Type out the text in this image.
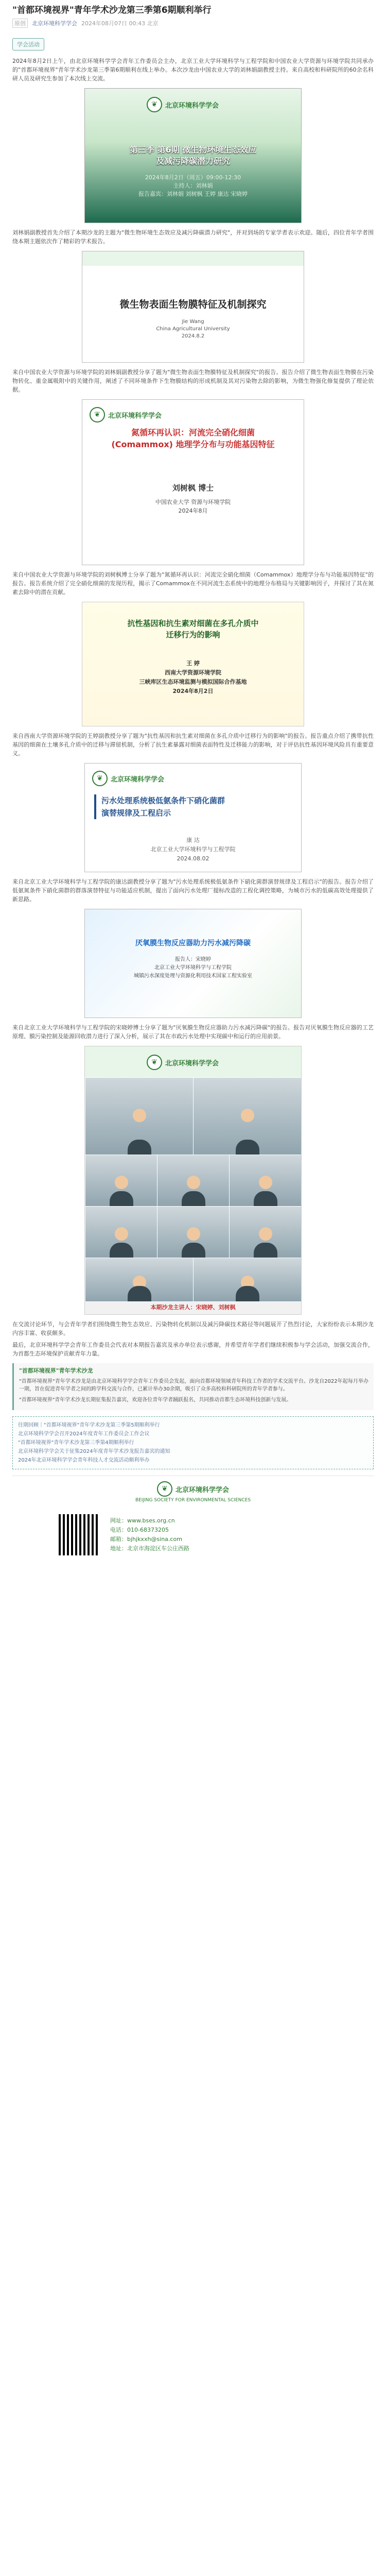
"首都环境视界"青年学术沙龙第三季第6期顺利举行
原创	北京环境科学学会 2024年08月07日 00:43 北京
学会活动

2024年8月2日上午，由北京环境科学学会青年工作委员会主办，北京工业大学环境科学与工程学院和中国农业大学资源与环境学院共同承办的"首都环境视界"青年学术沙龙第三季第6期顺利在线上举办。本次沙龙由中国农业大学的刘林娟副教授主持。来自高校和科研院所的60余名科研人员及研究生参加了本次线上交流。

❦	北京环境科学学会
第三季 第6期 微生物环境生态效应
及减污降碳潜力研究
2024年8月2日（周五）09:00-12:30
主持人：刘林娟
报告嘉宾：刘林娟 刘树枫 王婷 康达 宋晓婷

刘林娟副教授首先介绍了本期沙龙的主题为"微生物环境生态效应及减污降碳潜力研究"，并对到场的专家学者表示欢迎。随后，四位青年学者围绕本期主题依次作了精彩的学术报告。

微生物表面生物膜特征及机制探究
Jie Wang
China Agricultural University
2024.8.2

来自中国农业大学资源与环境学院的刘林娟副教授分享了题为"微生物表面生物膜特征及机制探究"的报告。报告介绍了微生物表面生物膜在污染物转化、重金属吸附中的关键作用，阐述了不同环境条件下生物膜结构的形成机制及其对污染物去除的影响，为微生物强化修复提供了理论依据。

❦	北京环境科学学会
氮循环再认识：河流完全硝化细菌
(Comammox) 地理学分布与功能基因特征
刘树枫 博士
中国农业大学 资源与环境学院
2024年8月

来自中国农业大学资源与环境学院的刘树枫博士分享了题为"氮循环再认识：河流完全硝化细菌（Comammox）地理学分布与功能基因特征"的报告。报告系统介绍了完全硝化细菌的发现历程，揭示了Comammox在不同河流生态系统中的地理分布格局与关键影响因子，并探讨了其在氮素去除中的潜在贡献。

抗性基因和抗生素对细菌在多孔介质中
迁移行为的影响
王 婷
西南大学资源环境学院
三峡库区生态环境监测与模拟国际合作基地
2024年8月2日

来自西南大学资源环境学院的王婷副教授分享了题为"抗性基因和抗生素对细菌在多孔介质中迁移行为的影响"的报告。报告重点介绍了携带抗性基因的细菌在土壤多孔介质中的迁移与滞留机制，分析了抗生素暴露对细菌表面特性及迁移能力的影响，对于评估抗性基因环境风险具有重要意义。

❦	北京环境科学学会
污水处理系统极低氨条件下硝化菌群
演替规律及工程启示
康 达
北京工业大学环境科学与工程学院
2024.08.02

来自北京工业大学环境科学与工程学院的康达副教授分享了题为"污水处理系统极低氨条件下硝化菌群演替规律及工程启示"的报告。报告介绍了低氨氮条件下硝化菌群的群落演替特征与功能适应机制，提出了面向污水处理厂提标改造的工程化调控策略，为城市污水的低碳高效处理提供了新思路。

厌氧膜生物反应器助力污水减污降碳
报告人：宋晓婷
北京工业大学环境科学与工程学院
城镇污水深度处理与资源化利用技术国家工程实验室

来自北京工业大学环境科学与工程学院的宋晓婷博士分享了题为"厌氧膜生物反应器助力污水减污降碳"的报告。报告对厌氧膜生物反应器的工艺原理、膜污染控制及能源回收潜力进行了深入分析，展示了其在市政污水处理中实现碳中和运行的应用前景。

❦	北京环境科学学会
本期沙龙主讲人：宋晓婷、刘树枫

在交流讨论环节，与会青年学者们围绕微生物生态效应、污染物转化机制以及减污降碳技术路径等问题展开了热烈讨论，大家纷纷表示本期沙龙内容丰富、收获颇多。

最后，北京环境科学学会青年工作委员会代表对本期报告嘉宾及承办单位表示感谢，并希望青年学者们继续积极参与学会活动，加强交流合作，为首都生态环境保护贡献青年力量。

"首都环境视界"青年学术沙龙

"首都环境视界"青年学术沙龙是由北京环境科学学会青年工作委员会发起，面向首都环境领域青年科技工作者的学术交流平台。沙龙自2022年起每月举办一期，旨在促进青年学者之间的跨学科交流与合作，已累计举办30余期，吸引了众多高校和科研院所的青年学者参与。

"首都环境视界"青年学术沙龙长期征集报告嘉宾，欢迎各位青年学者踊跃报名，共同推动首都生态环境科技创新与发展。

往期回顾｜"首都环境视界"青年学术沙龙第三季第5期顺利举行
北京环境科学学会召开2024年度青年工作委员会工作会议
"首都环境视界"青年学术沙龙第三季第4期顺利举行
北京环境科学学会关于征集2024年度青年学术沙龙报告嘉宾的通知
2024年北京环境科学学会青年科技人才交流活动顺利举办
❦	北京环境科学学会
BEIJING SOCIETY FOR ENVIRONMENTAL SCIENCES
网址：www.bses.org.cn
电话：010-68373205
邮箱：bjhjkxxh@sina.com
地址：北京市海淀区车公庄西路
